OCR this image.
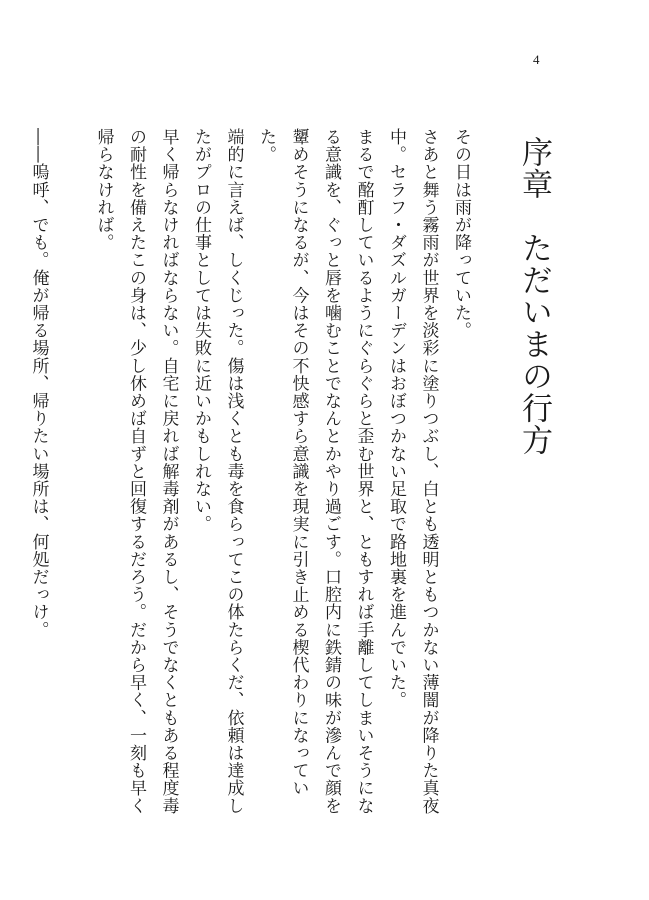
4
序章　ただいまの行方

その日は雨が降っていた。

さあと舞う霧雨が世界を淡彩に塗りつぶし、白とも透明ともつかない薄闇が降りた真夜中。セラフ・ダズルガーデンはおぼつかない足取で路地裏を進んでいた。

まるで酩酊しているようにぐらぐらと歪む世界と、ともすれば手離してしまいそうになる意識を、ぐっと唇を噛むことでなんとかやり過ごす。口腔内に鉄錆の味が滲んで顔を顰めそうになるが、今はその不快感すら意識を現実に引き止める楔代わりになっていた。

端的に言えば、しくじった。傷は浅くとも毒を食らってこの体たらくだ、依頼は達成したがプロの仕事としては失敗に近いかもしれない。

早く帰らなければならない。自宅に戻れば解毒剤があるし、そうでなくともある程度毒の耐性を備えたこの身は、少し休めば自ずと回復するだろう。だから早く、一刻も早く帰らなければ。

――嗚呼、でも。俺が帰る場所、帰りたい場所は、何処だっけ。
